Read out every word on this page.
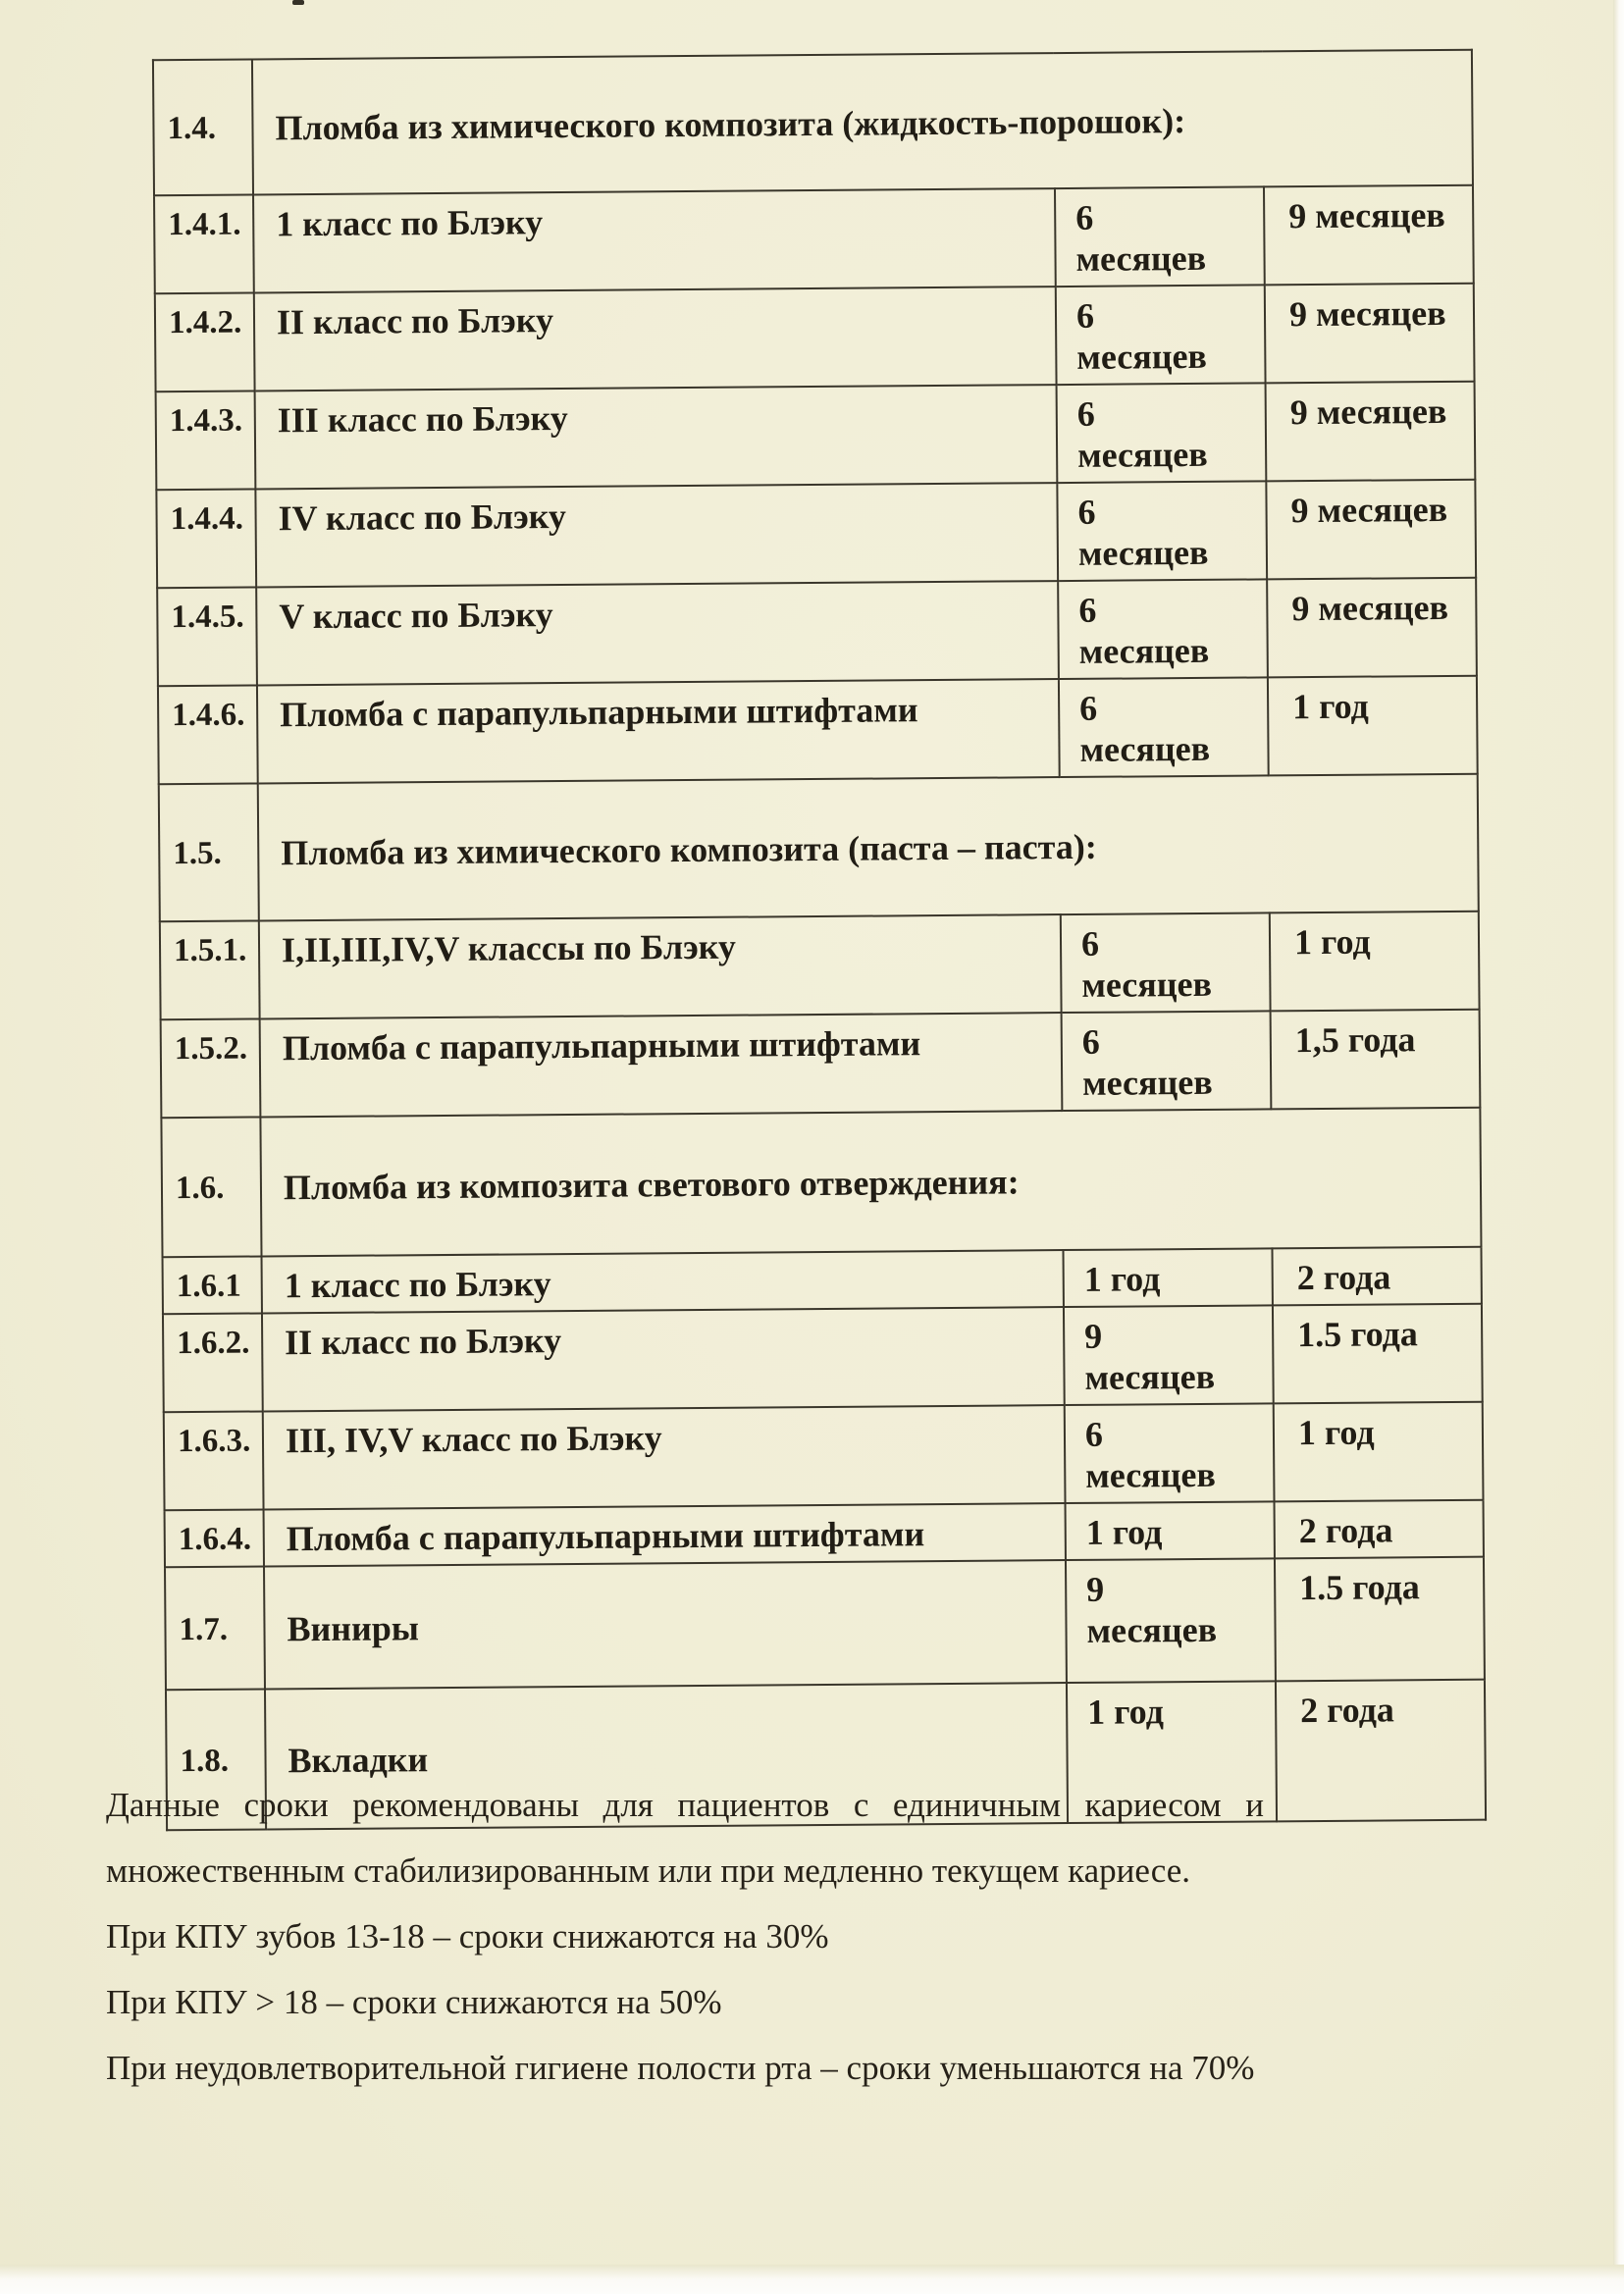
1.4.	Пломба из химического композита (жидкость-порошок):		
1.4.1.	1 класс по Блэку	6 месяцев	9 месяцев
1.4.2.	II класс по Блэку	6 месяцев	9 месяцев
1.4.3.	III класс по Блэку	6 месяцев	9 месяцев
1.4.4.	IV класс по Блэку	6 месяцев	9 месяцев
1.4.5.	V класс по Блэку	6 месяцев	9 месяцев
1.4.6.	Пломба с парапульпарными штифтами	6 месяцев	1 год
1.5.	Пломба из химического композита (паста – паста):		
1.5.1.	I,II,III,IV,V классы по Блэку	6 месяцев	1 год
1.5.2.	Пломба с парапульпарными штифтами	6 месяцев	1,5 года
1.6.	Пломба из композита светового отверждения:		
1.6.1	1 класс по Блэку	1 год	2 года
1.6.2.	II класс по Блэку	9 месяцев	1.5 года
1.6.3.	III, IV,V класс по Блэку	6 месяцев	1 год
1.6.4.	Пломба с парапульпарными штифтами	1 год	2 года
1.7.	Виниры	9 месяцев	1.5 года
1.8.	Вкладки	1 год	2 года

Данные сроки рекомендованы для пациентов с единичным кариесом и множественным стабилизированным или при медленно текущем кариесе.

При КПУ зубов 13-18 – сроки снижаются на 30%

При КПУ > 18 – сроки снижаются на 50%

При неудовлетворительной гигиене полости рта – сроки уменьшаются на 70%
